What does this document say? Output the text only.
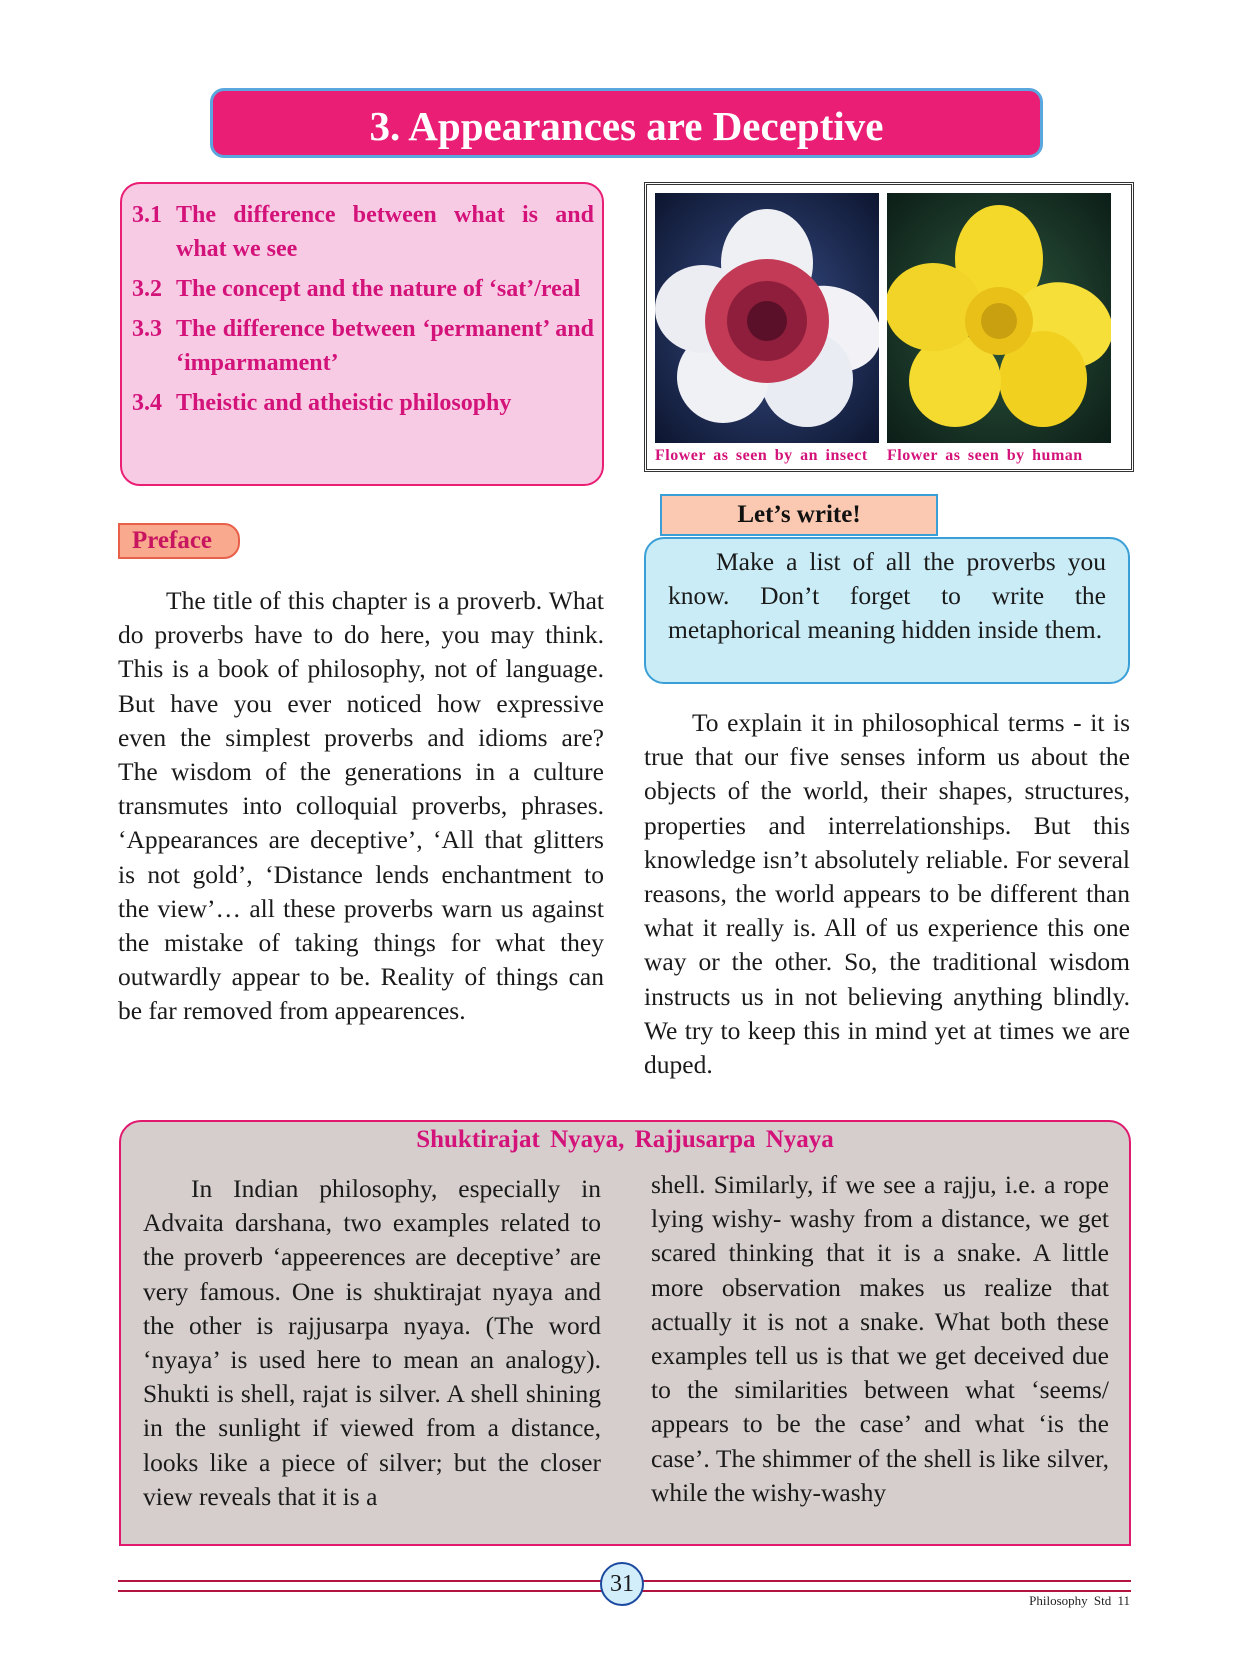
3. Appearances are Deceptive
3.1 The difference between what is and what we see
3.2 The concept and the nature of ‘sat’/real
3.3 The difference between ‘permanent’ and ‘imparmament’
3.4 Theistic and atheistic philosophy
Flower as seen by an insect Flower as seen by human
Preface
The title of this chapter is a proverb. What do proverbs have to do here, you may think. This is a book of philosophy, not of language. But have you ever noticed how expressive even the simplest proverbs and idioms are? The wisdom of the generations in a culture transmutes into colloquial proverbs, phrases. ‘Appearances are deceptive’, ‘All that glitters is not gold’, ‘Distance lends enchantment to the view’… all these proverbs warn us against the mistake of taking things for what they outwardly appear to be. Reality of things can be far removed from appearences.
Make a list of all the proverbs you know. Don’t forget to write the metaphorical meaning hidden inside them.
Let’s write!
To explain it in philosophical terms - it is true that our five senses inform us about the objects of the world, their shapes, structures, properties and interrelationships. But this knowledge isn’t absolutely reliable. For several reasons, the world appears to be different than what it really is. All of us experience this one way or the other. So, the traditional wisdom instructs us in not believing anything blindly. We try to keep this in mind yet at times we are duped.
Shuktirajat Nyaya, Rajjusarpa Nyaya
In Indian philosophy, especially in Advaita darshana, two examples related to the proverb ‘appeerences are deceptive’ are very famous. One is shuktirajat nyaya and the other is rajjusarpa nyaya. (The word ‘nyaya’ is used here to mean an analogy). Shukti is shell, rajat is silver. A shell shining in the sunlight if viewed from a distance, looks like a piece of silver; but the closer view reveals that it is a
shell. Similarly, if we see a rajju, i.e. a rope lying wishy- washy from a distance, we get scared thinking that it is a snake. A little more observation makes us realize that actually it is not a snake. What both these examples tell us is that we get deceived due to the similarities between what ‘seems/ appears to be the case’ and what ‘is the case’. The shimmer of the shell is like silver, while the wishy-washy
31
Philosophy Std 11
